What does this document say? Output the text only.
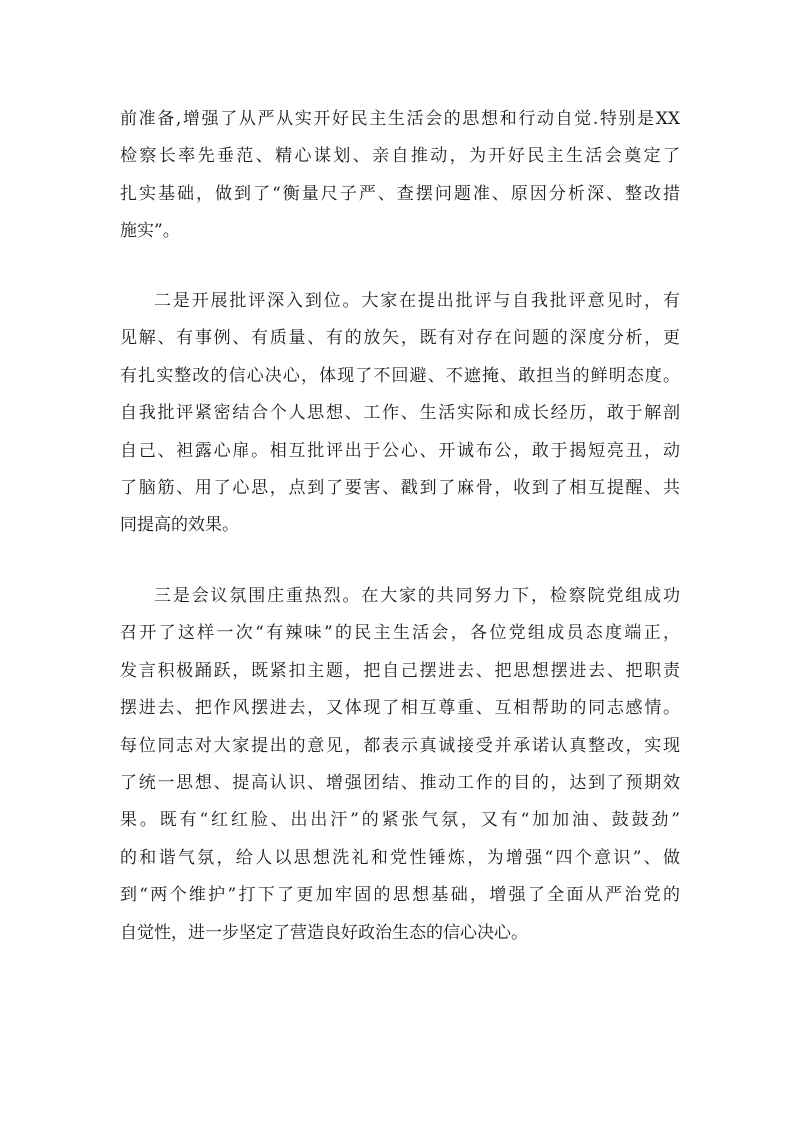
前准备,增强了从严从实开好民主生活会的思想和行动自觉.特别是XX
检察长率先垂范、精心谋划、亲自推动，为开好民主生活会奠定了
扎实基础，做到了“衡量尺子严、查摆问题准、原因分析深、整改措
施实”。
二是开展批评深入到位。大家在提出批评与自我批评意见时，有
见解、有事例、有质量、有的放矢，既有对存在问题的深度分析，更
有扎实整改的信心决心，体现了不回避、不遮掩、敢担当的鲜明态度。
自我批评紧密结合个人思想、工作、生活实际和成长经历，敢于解剖
自己、袒露心扉。相互批评出于公心、开诚布公，敢于揭短亮丑，动
了脑筋、用了心思，点到了要害、戳到了麻骨，收到了相互提醒、共
同提高的效果。
三是会议氛围庄重热烈。在大家的共同努力下，检察院党组成功
召开了这样一次“有辣味”的民主生活会，各位党组成员态度端正，
发言积极踊跃，既紧扣主题，把自己摆进去、把思想摆进去、把职责
摆进去、把作风摆进去，又体现了相互尊重、互相帮助的同志感情。
每位同志对大家提出的意见，都表示真诚接受并承诺认真整改，实现
了统一思想、提高认识、增强团结、推动工作的目的，达到了预期效
果。既有“红红脸、出出汗”的紧张气氛，又有“加加油、鼓鼓劲”
的和谐气氛，给人以思想洗礼和党性锤炼，为增强“四个意识”、做
到“两个维护”打下了更加牢固的思想基础，增强了全面从严治党的
自觉性，进一步坚定了营造良好政治生态的信心决心。
